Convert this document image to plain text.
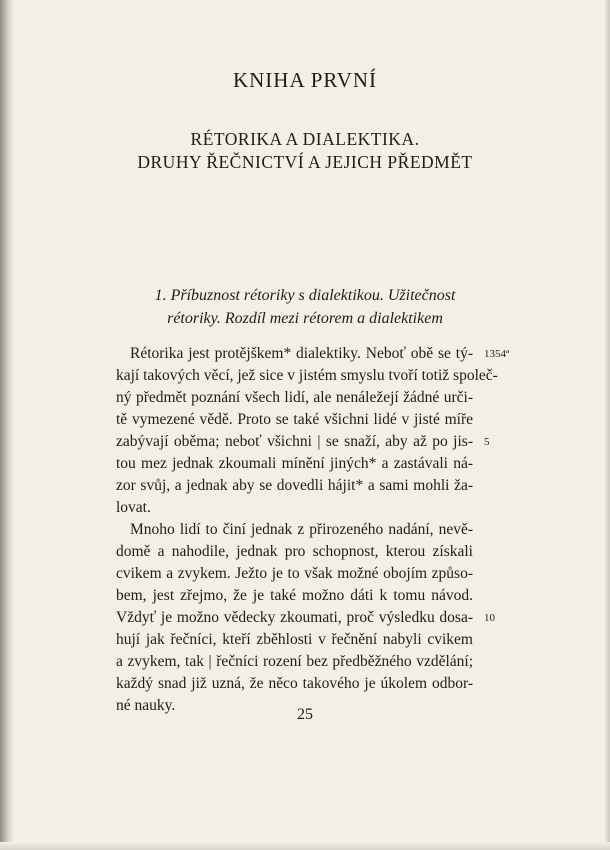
KNIHA PRVNÍ
RÉTORIKA A DIALEKTIKA.
DRUHY ŘEČNICTVÍ A JEJICH PŘEDMĚT
1. Příbuznost rétoriky s dialektikou. Užitečnost
rétoriky. Rozdíl mezi rétorem a dialektikem
Rétorika jest protějškem* dialektiky. Neboť obě se tý-
kají takových věcí, jež sice v jistém smyslu tvoří totiž společ-
ný předmět poznání všech lidí, ale nenáležejí žádné urči-
tě vymezené vědě. Proto se také všichni lidé v jisté míře
zabývají oběma; neboť všichni | se snaží, aby až po jis-
tou mez jednak zkoumali mínění jiných* a zastávali ná-
zor svůj, a jednak aby se dovedli hájit* a sami mohli ža-
lovat.
Mnoho lidí to činí jednak z přirozeného nadání, nevě-
domě a nahodile, jednak pro schopnost, kterou získali
cvikem a zvykem. Ježto je to však možné obojím způso-
bem, jest zřejmo, že je také možno dáti k tomu návod.
Vždyť je možno vědecky zkoumati, proč výsledku dosa-
hují jak řečníci, kteří zběhlosti v řečnění nabyli cvikem
a zvykem, tak | řečníci rození bez předběžného vzdělání;
každý snad již uzná, že něco takového je úkolem odbor-
né nauky.
1354ª
5
10
25
